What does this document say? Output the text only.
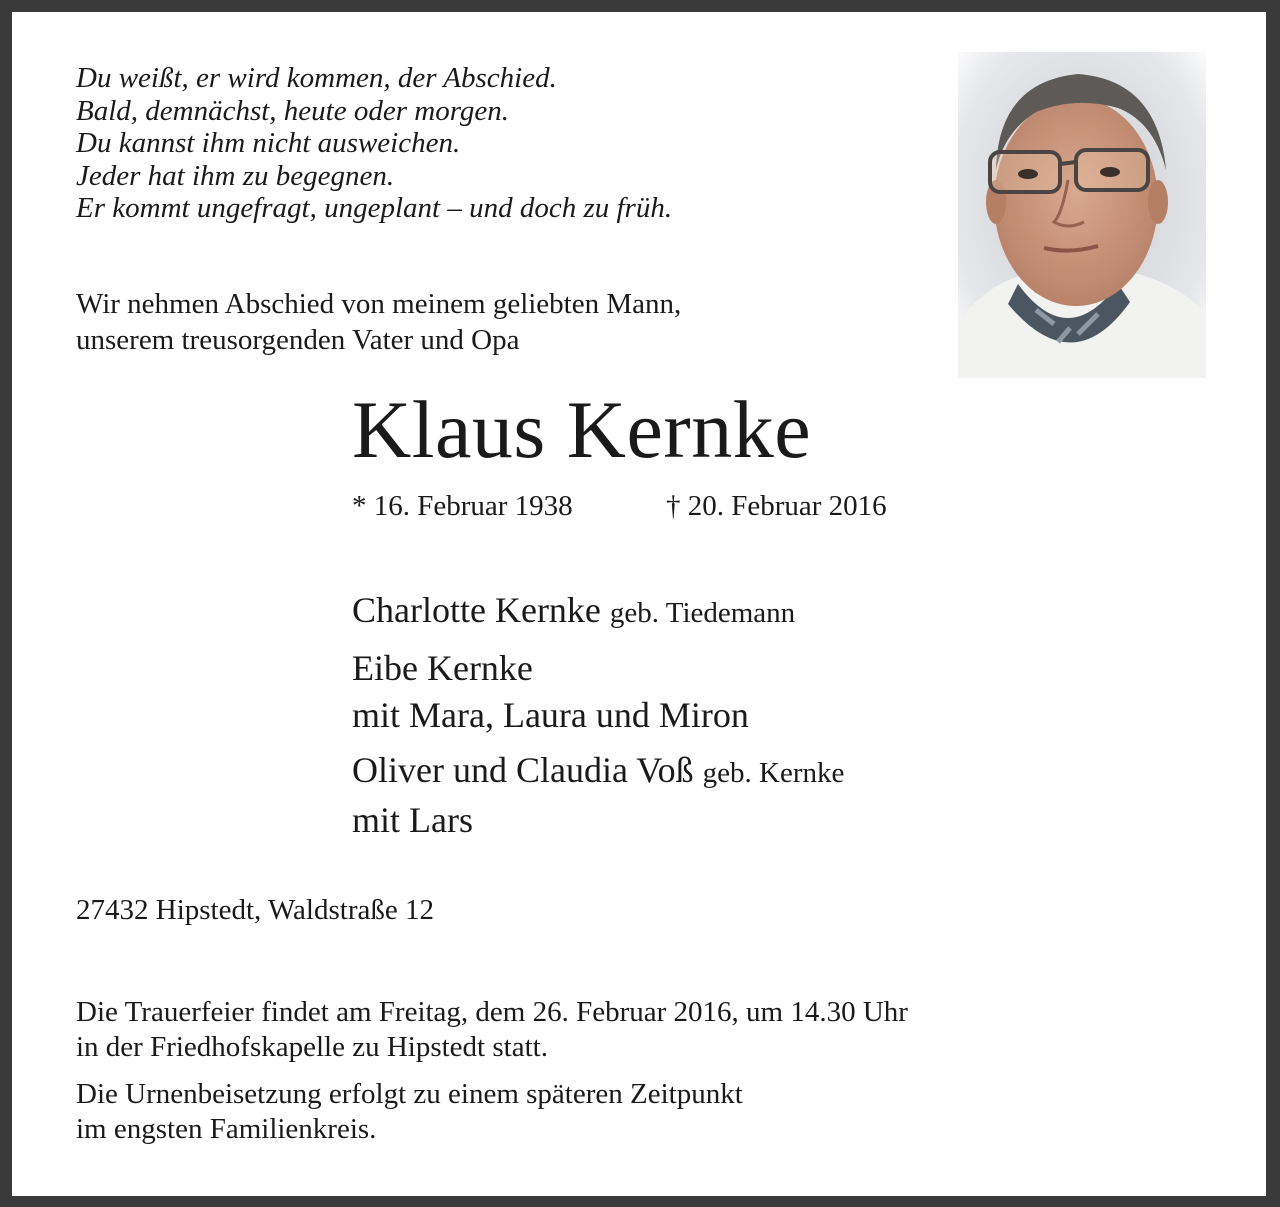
Du weißt, er wird kommen, der Abschied.
Bald, demnächst, heute oder morgen.
Du kannst ihm nicht ausweichen.
Jeder hat ihm zu begegnen.
Er kommt ungefragt, ungeplant – und doch zu früh.
Wir nehmen Abschied von meinem geliebten Mann,
unserem treusorgenden Vater und Opa
Klaus Kernke
* 16. Februar 1938	† 20. Februar 2016
Charlotte Kernke geb. Tiedemann
Eibe Kernke
mit Mara, Laura und Miron
Oliver und Claudia Voß geb. Kernke
mit Lars
27432 Hipstedt, Waldstraße 12
Die Trauerfeier findet am Freitag, dem 26. Februar 2016, um 14.30 Uhr
in der Friedhofskapelle zu Hipstedt statt.
Die Urnenbeisetzung erfolgt zu einem späteren Zeitpunkt
im engsten Familienkreis.
